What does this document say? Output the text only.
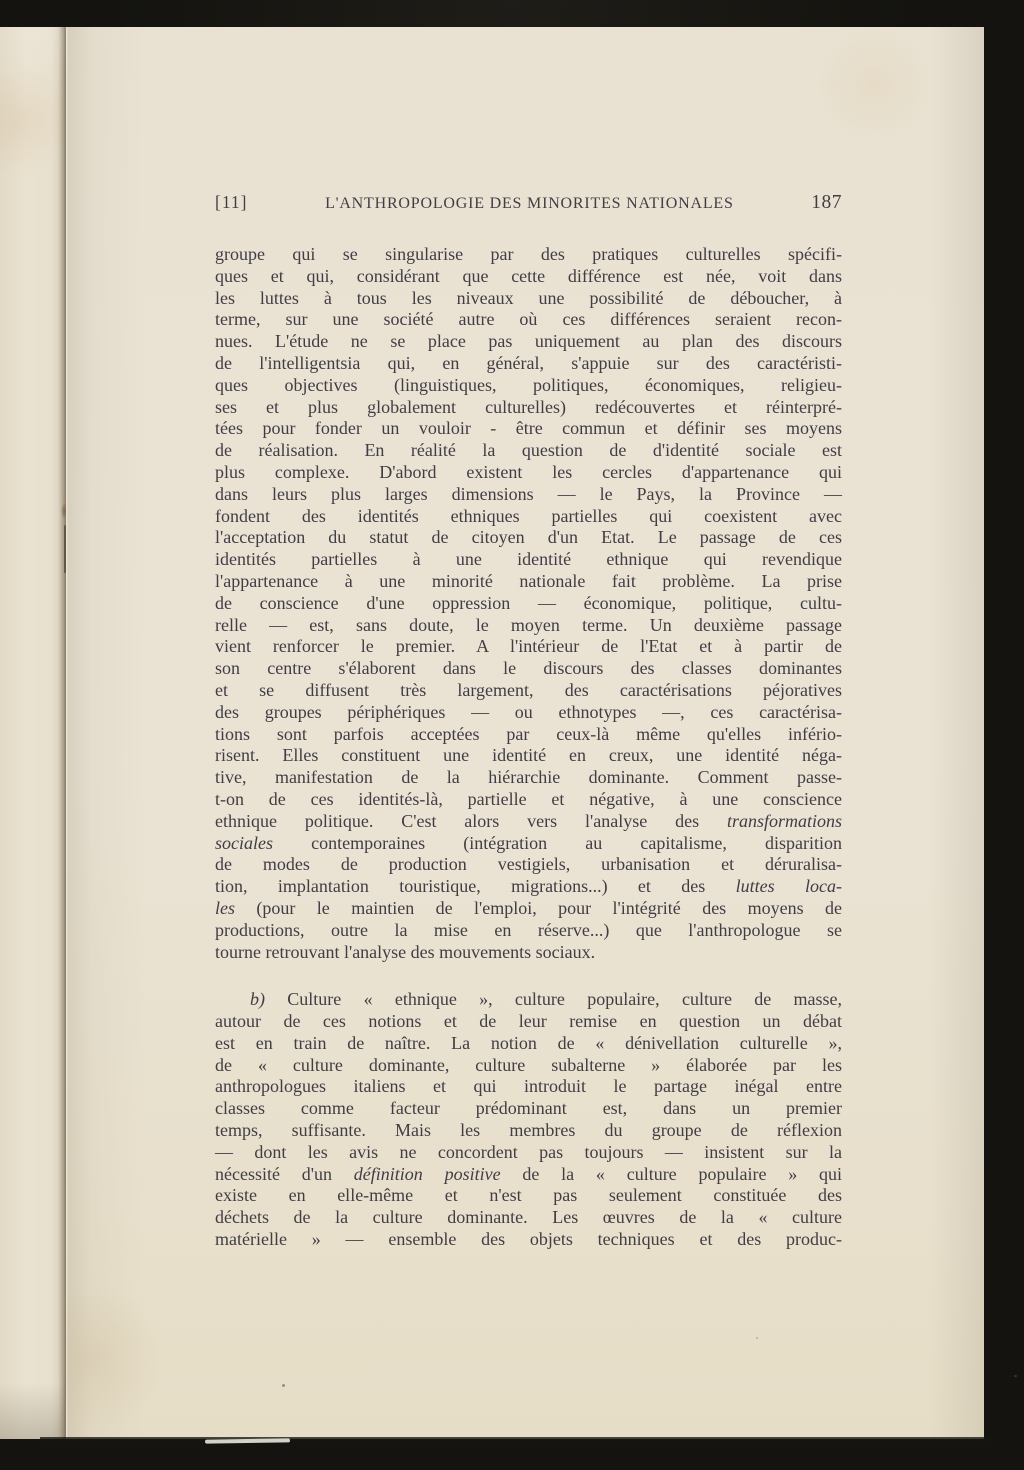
[11]	L'ANTHROPOLOGIE DES MINORITES NATIONALES	187
groupe qui se singularise par des pratiques culturelles spécifi-
ques et qui, considérant que cette différence est née, voit dans
les luttes à tous les niveaux une possibilité de déboucher, à
terme, sur une société autre où ces différences seraient recon-
nues. L'étude ne se place pas uniquement au plan des discours
de l'intelligentsia qui, en général, s'appuie sur des caractéristi-
ques objectives (linguistiques, politiques, économiques, religieu-
ses et plus globalement culturelles) redécouvertes et réinterpré-
tées pour fonder un vouloir - être commun et définir ses moyens
de réalisation. En réalité la question de d'identité sociale est
plus complexe. D'abord existent les cercles d'appartenance qui
dans leurs plus larges dimensions — le Pays, la Province —
fondent des identités ethniques partielles qui coexistent avec
l'acceptation du statut de citoyen d'un Etat. Le passage de ces
identités partielles à une identité ethnique qui revendique
l'appartenance à une minorité nationale fait problème. La prise
de conscience d'une oppression — économique, politique, cultu-
relle — est, sans doute, le moyen terme. Un deuxième passage
vient renforcer le premier. A l'intérieur de l'Etat et à partir de
son centre s'élaborent dans le discours des classes dominantes
et se diffusent très largement, des caractérisations péjoratives
des groupes périphériques — ou ethnotypes —, ces caractérisa-
tions sont parfois acceptées par ceux-là même qu'elles infério-
risent. Elles constituent une identité en creux, une identité néga-
tive, manifestation de la hiérarchie dominante. Comment passe-
t-on de ces identités-là, partielle et négative, à une conscience
ethnique politique. C'est alors vers l'analyse des transformations
sociales contemporaines (intégration au capitalisme, disparition
de modes de production vestigiels, urbanisation et déruralisa-
tion, implantation touristique, migrations...) et des luttes loca-
les (pour le maintien de l'emploi, pour l'intégrité des moyens de
productions, outre la mise en réserve...) que l'anthropologue se
tourne retrouvant l'analyse des mouvements sociaux.
b) Culture « ethnique », culture populaire, culture de masse,
autour de ces notions et de leur remise en question un débat
est en train de naître. La notion de « dénivellation culturelle »,
de « culture dominante, culture subalterne » élaborée par les
anthropologues italiens et qui introduit le partage inégal entre
classes comme facteur prédominant est, dans un premier
temps, suffisante. Mais les membres du groupe de réflexion
— dont les avis ne concordent pas toujours — insistent sur la
nécessité d'un définition positive de la « culture populaire » qui
existe en elle-même et n'est pas seulement constituée des
déchets de la culture dominante. Les œuvres de la « culture
matérielle » — ensemble des objets techniques et des produc-
